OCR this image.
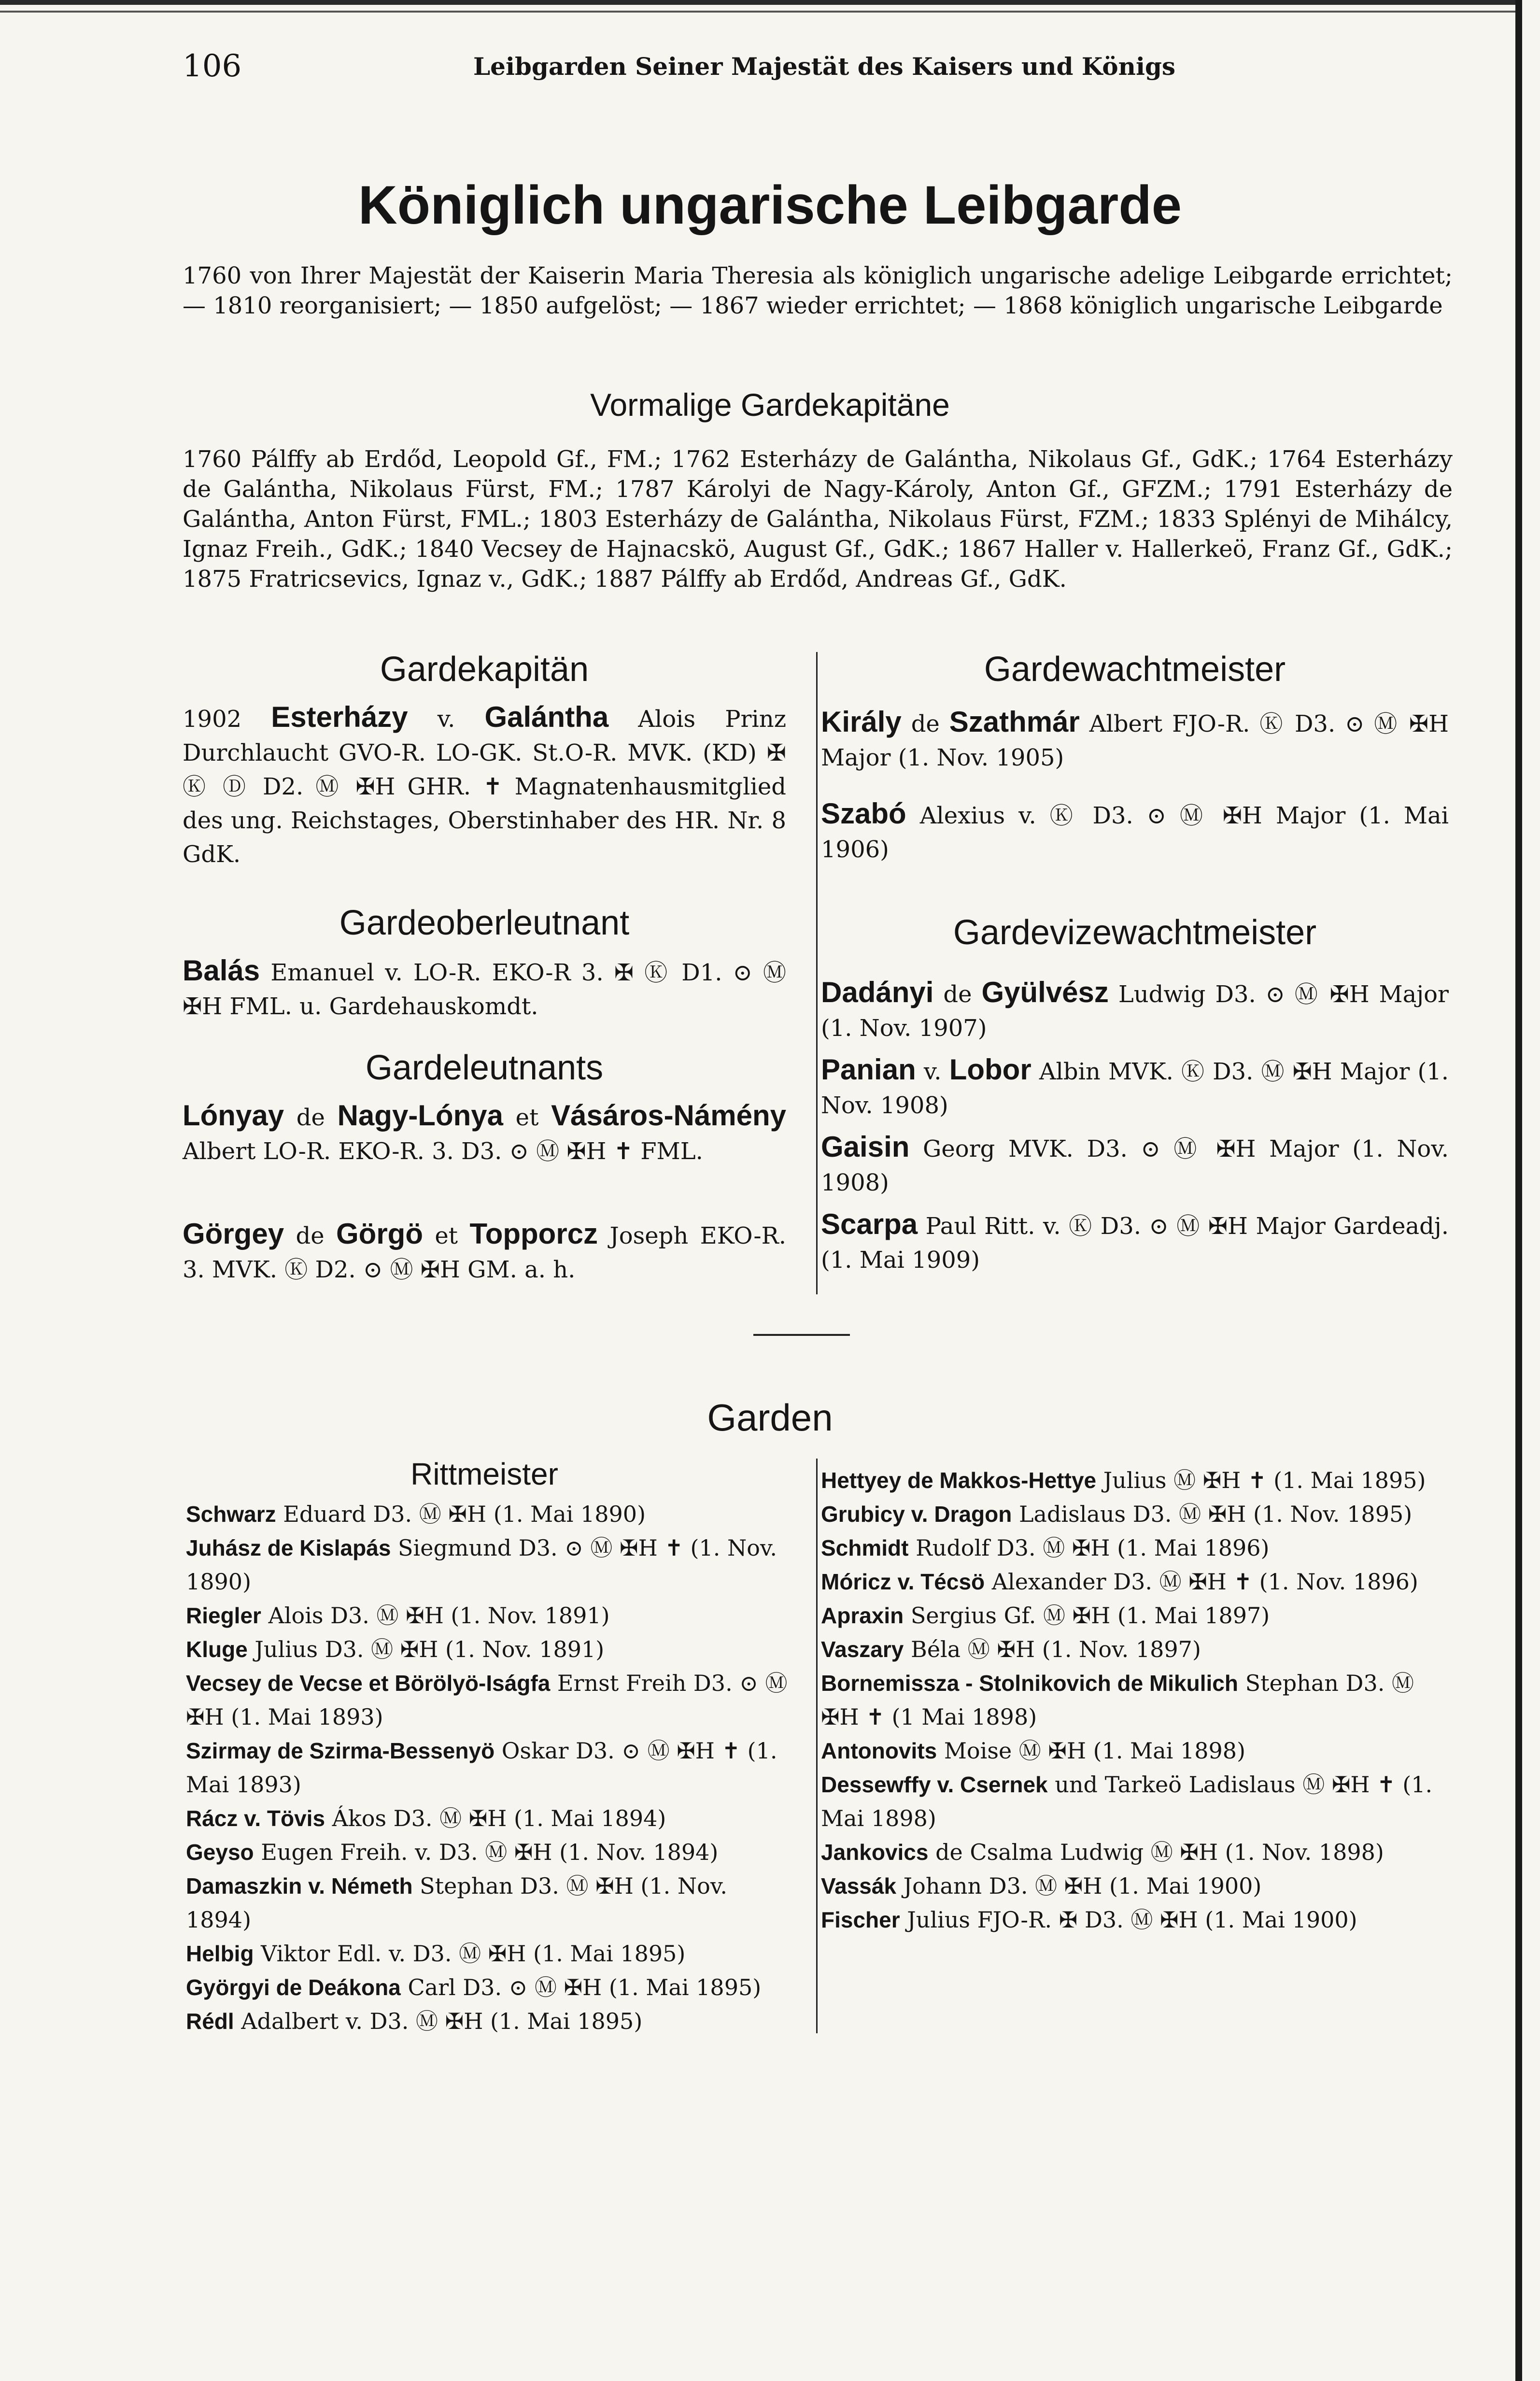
106	Leibgarden Seiner Majestät des Kaisers und Königs
Königlich ungarische Leibgarde
1760 von Ihrer Majestät der Kaiserin Maria Theresia als königlich ungarische adelige Leibgarde errichtet; — 1810 reorganisiert; — 1850 aufgelöst; — 1867 wieder errichtet; — 1868 königlich ungarische Leibgarde
Vormalige Gardekapitäne
1760 Pálffy ab Erdőd, Leopold Gf., FM.; 1762 Esterházy de Galántha, Nikolaus Gf., GdK.; 1764 Esterházy de Galántha, Nikolaus Fürst, FM.; 1787 Károlyi de Nagy-Károly, Anton Gf., GFZM.; 1791 Esterházy de Galántha, Anton Fürst, FML.; 1803 Esterházy de Galántha, Nikolaus Fürst, FZM.; 1833 Splényi de Mihálcy, Ignaz Freih., GdK.; 1840 Vecsey de Hajnacskö, August Gf., GdK.; 1867 Haller v. Hallerkeö, Franz Gf., GdK.; 1875 Fratricsevics, Ignaz v., GdK.; 1887 Pálffy ab Erdőd, Andreas Gf., GdK.
Gardekapitän
1902 Esterházy v. Galántha Alois Prinz Durchlaucht GVO-R. LO-GK. St.O-R. MVK. (KD) ✠ Ⓚ Ⓓ D2. Ⓜ ✠H GHR. ✝ Magnatenhausmitglied des ung. Reichstages, Oberstinhaber des HR. Nr. 8 GdK.
Gardeoberleutnant
Balás Emanuel v. LO-R. EKO-R 3. ✠ Ⓚ D1. ⊙ Ⓜ ✠H FML. u. Gardehauskomdt.
Gardeleutnants
Lónyay de Nagy-Lónya et Vásáros-Námény Albert LO-R. EKO-R. 3. D3. ⊙ Ⓜ ✠H ✝ FML.
Görgey de Görgö et Topporcz Joseph EKO-R. 3. MVK. Ⓚ D2. ⊙ Ⓜ ✠H GM. a. h.
Gardewachtmeister
Király de Szathmár Albert FJO-R. Ⓚ D3. ⊙ Ⓜ ✠H Major (1. Nov. 1905)
Szabó Alexius v. Ⓚ D3. ⊙ Ⓜ ✠H Major (1. Mai 1906)
Gardevizewachtmeister
Dadányi de Gyülvész Ludwig D3. ⊙ Ⓜ ✠H Major (1. Nov. 1907)
Panian v. Lobor Albin MVK. Ⓚ D3. Ⓜ ✠H Major (1. Nov. 1908)
Gaisin Georg MVK. D3. ⊙ Ⓜ ✠H Major (1. Nov. 1908)
Scarpa Paul Ritt. v. Ⓚ D3. ⊙ Ⓜ ✠H Major Gardeadj. (1. Mai 1909)
Garden
Rittmeister
Schwarz Eduard D3. Ⓜ ✠H (1. Mai 1890)
Juhász de Kislapás Siegmund D3. ⊙ Ⓜ ✠H ✝ (1. Nov. 1890)
Riegler Alois D3. Ⓜ ✠H (1. Nov. 1891)
Kluge Julius D3. Ⓜ ✠H (1. Nov. 1891)
Vecsey de Vecse et Börölyö-Iságfa Ernst Freih D3. ⊙ Ⓜ ✠H (1. Mai 1893)
Szirmay de Szirma-Bessenyö Oskar D3. ⊙ Ⓜ ✠H ✝ (1. Mai 1893)
Rácz v. Tövis Ákos D3. Ⓜ ✠H (1. Mai 1894)
Geyso Eugen Freih. v. D3. Ⓜ ✠H (1. Nov. 1894)
Damaszkin v. Németh Stephan D3. Ⓜ ✠H (1. Nov. 1894)
Helbig Viktor Edl. v. D3. Ⓜ ✠H (1. Mai 1895)
Györgyi de Deákona Carl D3. ⊙ Ⓜ ✠H (1. Mai 1895)
Rédl Adalbert v. D3. Ⓜ ✠H (1. Mai 1895)
Hettyey de Makkos-Hettye Julius Ⓜ ✠H ✝ (1. Mai 1895)
Grubicy v. Dragon Ladislaus D3. Ⓜ ✠H (1. Nov. 1895)
Schmidt Rudolf D3. Ⓜ ✠H (1. Mai 1896)
Móricz v. Técsö Alexander D3. Ⓜ ✠H ✝ (1. Nov. 1896)
Apraxin Sergius Gf. Ⓜ ✠H (1. Mai 1897)
Vaszary Béla Ⓜ ✠H (1. Nov. 1897)
Bornemissza - Stolnikovich de Mikulich Stephan D3. Ⓜ ✠H ✝ (1 Mai 1898)
Antonovits Moise Ⓜ ✠H (1. Mai 1898)
Dessewffy v. Csernek und Tarkeö Ladislaus Ⓜ ✠H ✝ (1. Mai 1898)
Jankovics de Csalma Ludwig Ⓜ ✠H (1. Nov. 1898)
Vassák Johann D3. Ⓜ ✠H (1. Mai 1900)
Fischer Julius FJO-R. ✠ D3. Ⓜ ✠H (1. Mai 1900)
